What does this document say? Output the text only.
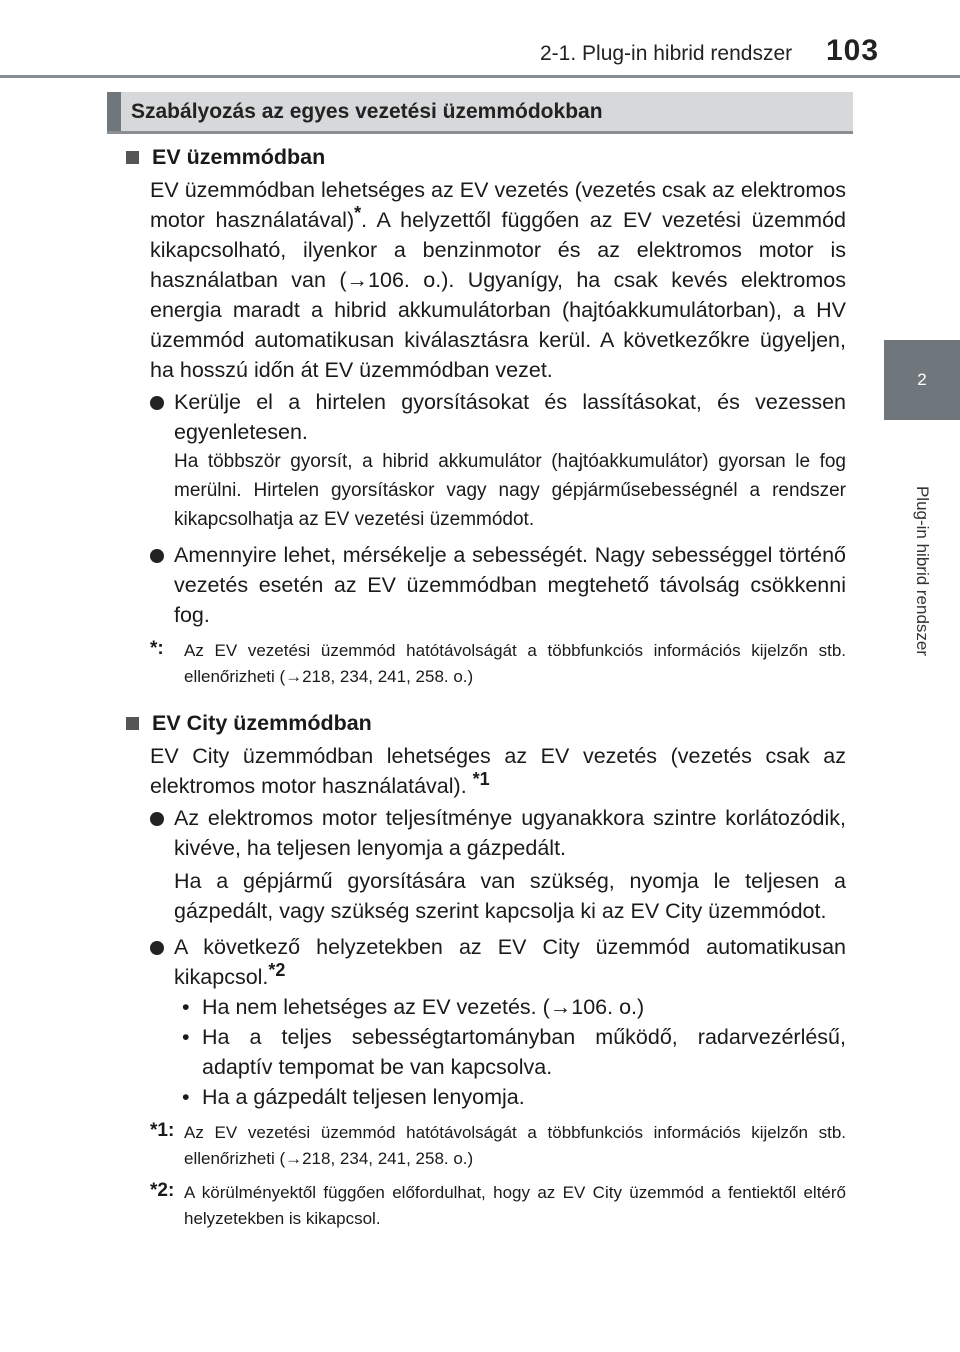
2-1. Plug-in hibrid rendszer 103
2
Plug-in hibrid rendszer
Szabályozás az egyes vezetési üzemmódokban
EV üzemmódban
EV üzemmódban lehetséges az EV vezetés (vezetés csak az elektromos motor használatával)*. A helyzettől függően az EV vezetési üzemmód kikapcsolható, ilyenkor a benzinmotor és az elektromos motor is használatban van (→106. o.). Ugyanígy, ha csak kevés elektromos energia maradt a hibrid akkumulátorban (hajtóakkumulátorban), a HV üzemmód automatikusan kiválasztásra kerül. A következőkre ügyeljen, ha hosszú időn át EV üzemmódban vezet.
Kerülje el a hirtelen gyorsításokat és lassításokat, és vezessen egyenletesen.
Ha többször gyorsít, a hibrid akkumulátor (hajtóakkumulátor) gyorsan le fog merülni. Hirtelen gyorsításkor vagy nagy gépjárműsebességnél a rendszer kikapcsolhatja az EV vezetési üzemmódot.
Amennyire lehet, mérsékelje a sebességét. Nagy sebességgel történő vezetés esetén az EV üzemmódban megtehető távolság csökkenni fog.
*: Az EV vezetési üzemmód hatótávolságát a többfunkciós információs kijelzőn stb. ellenőrizheti (→218, 234, 241, 258. o.)
EV City üzemmódban
EV City üzemmódban lehetséges az EV vezetés (vezetés csak az elektromos motor használatával). $^{*1}$
Az elektromos motor teljesítménye ugyanakkora szintre korlátozódik, kivéve, ha teljesen lenyomja a gázpedált.
Ha a gépjármű gyorsítására van szükség, nyomja le teljesen a gázpedált, vagy szükség szerint kapcsolja ki az EV City üzemmódot.
A következő helyzetekben az EV City üzemmód automatikusan kikapcsol.$^{*2}$
• Ha nem lehetséges az EV vezetés. (→106. o.)
• Ha a teljes sebességtartományban működő, radarvezérlésű, adaptív tempomat be van kapcsolva.
• Ha a gázpedált teljesen lenyomja.
*1: Az EV vezetési üzemmód hatótávolságát a többfunkciós információs kijelzőn stb. ellenőrizheti (→218, 234, 241, 258. o.)
*2: A körülményektől függően előfordulhat, hogy az EV City üzemmód a fentiektől eltérő helyzetekben is kikapcsol.
